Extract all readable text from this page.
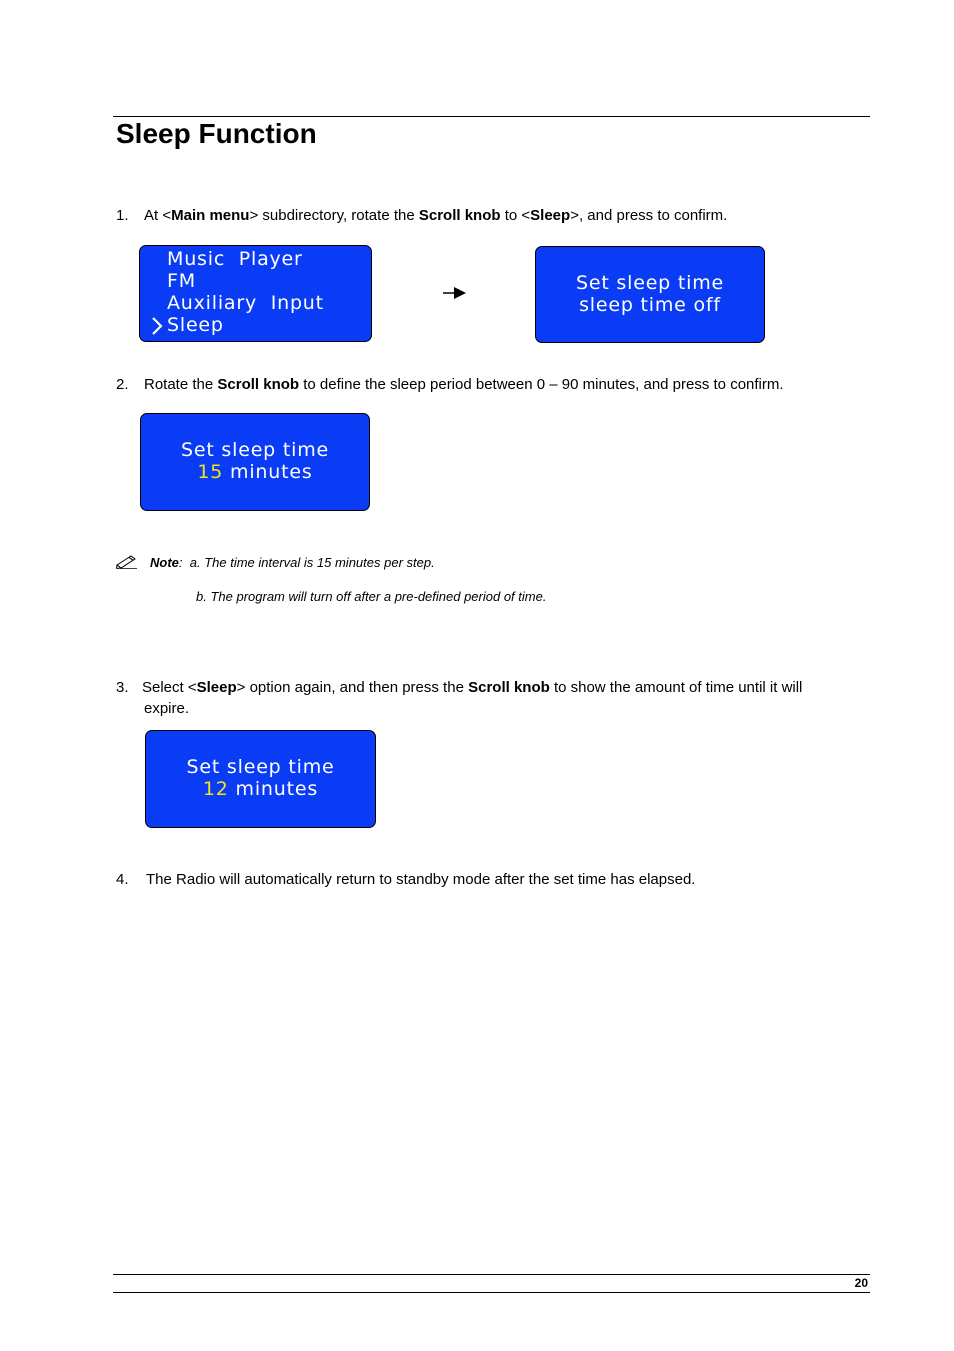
Sleep Function
1. At <Main menu> subdirectory, rotate the Scroll knob to <Sleep>, and press to confirm.
Music  Player
FM
Auxiliary  Input
Sleep
Set sleep time
sleep time off
2. Rotate the Scroll knob to define the sleep period between 0 – 90 minutes, and press to confirm.
Set sleep time
15 minutes
Note: a. The time interval is 15 minutes per step.
b. The program will turn off after a pre-defined period of time.
3. Select <Sleep> option again, and then press the Scroll knob to show the amount of time until it will
expire.
Set sleep time
12 minutes
4. The Radio will automatically return to standby mode after the set time has elapsed.
20
